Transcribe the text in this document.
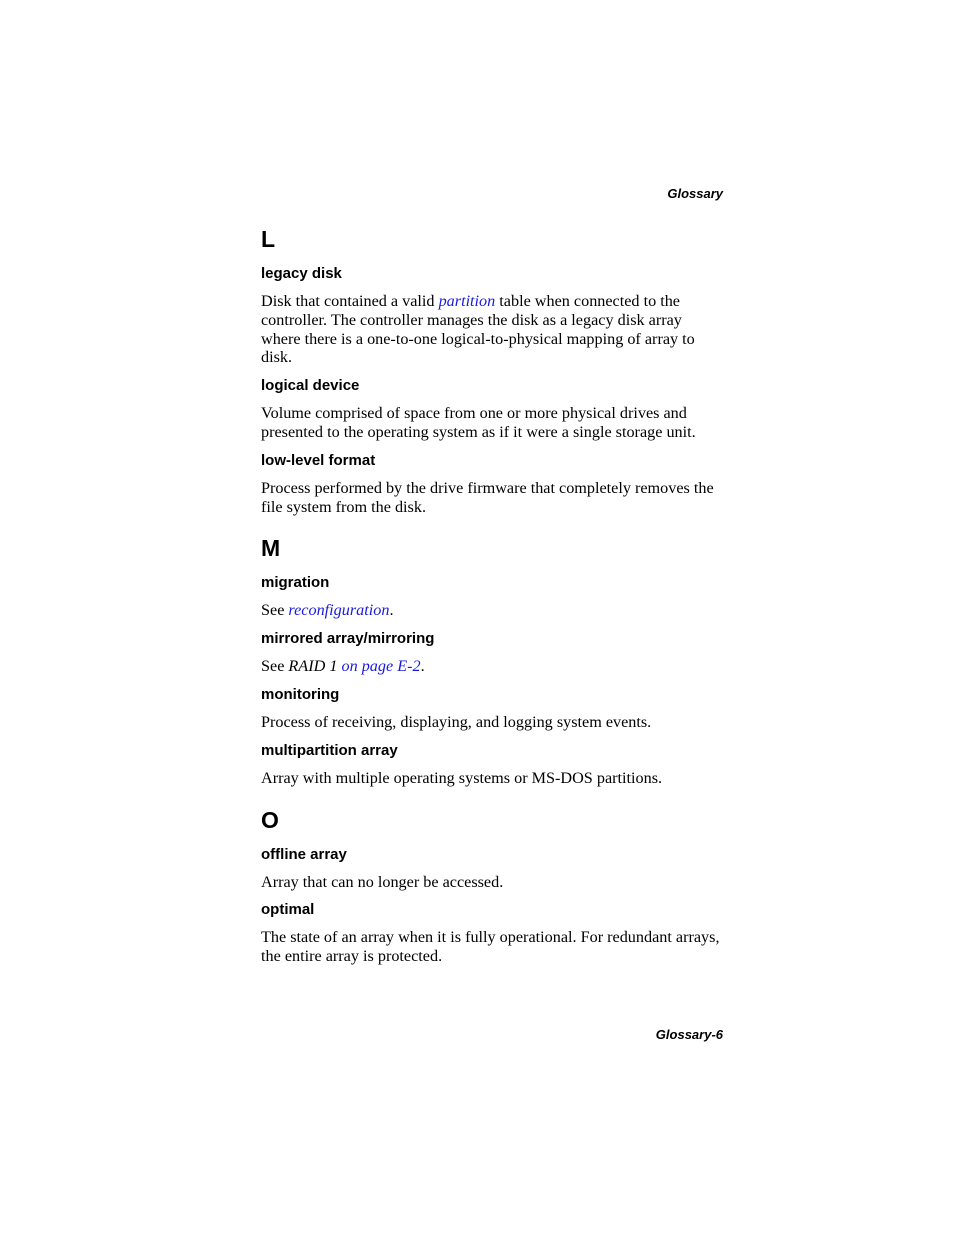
Glossary
L
legacy disk

Disk that contained a valid partition table when connected to the controller. The controller manages the disk as a legacy disk array where there is a one-to-one logical-to-physical mapping of array to disk.

logical device

Volume comprised of space from one or more physical drives and presented to the operating system as if it were a single storage unit.

low-level format

Process performed by the drive firmware that completely removes the file system from the disk.

M
migration

See reconfiguration.

mirrored array/mirroring

See RAID 1 on page E-2.

monitoring

Process of receiving, displaying, and logging system events.

multipartition array

Array with multiple operating systems or MS-DOS partitions.

O
offline array

Array that can no longer be accessed.

optimal

The state of an array when it is fully operational. For redundant arrays, the entire array is protected.

Glossary-6
